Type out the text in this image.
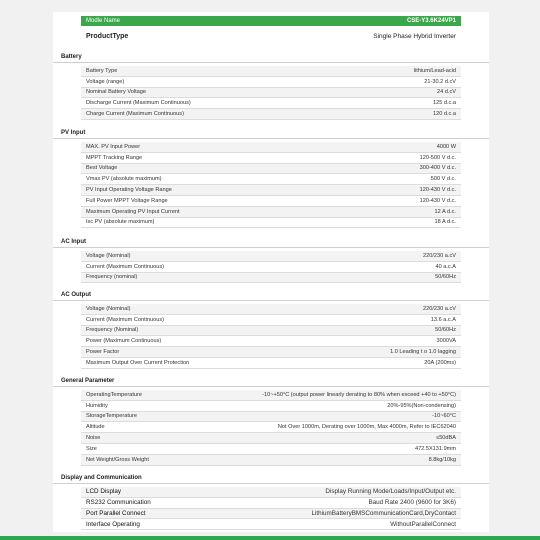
Modle Name	CSE-Y3.6K24VP1
ProductType	Single Phase Hybrid Inverter
Battery
Battery Type	lithium/Lead-acid
Voltage (range)	21-30.2 d.cV
Nominal Battery Voltage	24 d.cV
Discharge Current (Maximum Continuous)	125 d.c.a
Charge Current (Maximum Continuous)	120 d.c.a
PV Input
MAX. PV Input Power	4000 W
MPPT Tracking Range	120-500 V d.c.
Best Voltage	300-400 V d.c.
Vmax PV (absolute maximum)	500 V d.c.
PV Input Operating Voltage Range	120-430 V d.c.
Full Power MPPT Voltage Range	120-430 V d.c.
Maximum Operating PV Input Current	12 A d.c.
Isc PV (absolute maximum)	18 A d.c.
AC Input
Voltage (Nominal)	220/230 a.cV
Current (Maximum Continuous)	40 a.c.A
Frequency (nominal)	50/60Hz
AC Output
Voltage (Nominal)	220/230 a.cV
Current (Maximum Continuous)	13.6 a.c.A
Frequency (Nominal)	50/60Hz
Power (Maximum Continuous)	3000VA
Power Factor	1.0 Leading t o 1.0 lagging
Maximum Output Over Current Protection	20A (200ms)
General Parameter
OperatingTemperature	-10~+50°C (output power linearly derating to 80% when exceed +40 to +50°C)
Humidity	20%-95%(Non-condensing)
StorageTemperature	-10~60°C
Altitude	Not Over 1000m, Derating over 1000m, Max 4000m, Refer to IEC62040
Noise	≤50dBA
Size	472.5X131.9mm
Net Weight/Gross Weight	8.8kg/10kg
Display and Communication
LCD Display	Display Running Mode/Loads/Input/Output etc.
RS232 Communication	Baud Rate 2400 (9600 for 3K6)
Port Parallel Connect	LithiumBatteryBMSCommunicationCard,DryContact
Interface Operating	WithoutParallelConnect
